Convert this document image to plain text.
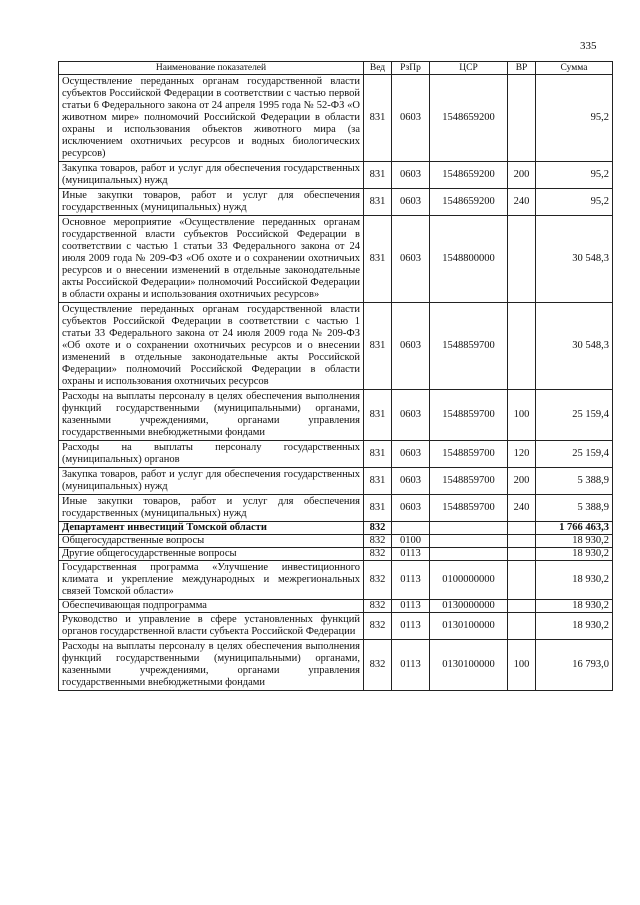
335
Наименование показателей	Вед	РзПр	ЦСР	ВР	Сумма
Осуществление переданных органам государственной власти субъектов Российской Федерации в соответствии с частью первой статьи 6 Федерального закона от 24 апреля 1995 года № 52-ФЗ «О животном мире» полномочий Российской Федерации в области охраны и использования объектов животного мира (за исключением охотничьих ресурсов и водных биологических ресурсов)	831	0603	1548659200		95,2
Закупка товаров, работ и услуг для обеспечения государственных (муниципальных) нужд	831	0603	1548659200	200	95,2
Иные закупки товаров, работ и услуг для обеспечения государственных (муниципальных) нужд	831	0603	1548659200	240	95,2
Основное мероприятие «Осуществление переданных органам государственной власти субъектов Российской Федерации в соответствии с частью 1 статьи 33 Федерального закона от 24 июля 2009 года № 209-ФЗ «Об охоте и о сохранении охотничьих ресурсов и о внесении изменений в отдельные законодательные акты Российской Федерации» полномочий Российской Федерации в области охраны и использования охотничьих ресурсов»	831	0603	1548800000		30 548,3
Осуществление переданных органам государственной власти субъектов Российской Федерации в соответствии с частью 1 статьи 33 Федерального закона от 24 июля 2009 года № 209-ФЗ «Об охоте и о сохранении охотничьих ресурсов и о внесении изменений в отдельные законодательные акты Российской Федерации» полномочий Российской Федерации в области охраны и использования охотничьих ресурсов	831	0603	1548859700		30 548,3
Расходы на выплаты персоналу в целях обеспечения выполнения функций государственными (муниципальными) органами, казенными учреждениями, органами управления государственными внебюджетными фондами	831	0603	1548859700	100	25 159,4
Расходы на выплаты персоналу государственных (муниципальных) органов	831	0603	1548859700	120	25 159,4
Закупка товаров, работ и услуг для обеспечения государственных (муниципальных) нужд	831	0603	1548859700	200	5 388,9
Иные закупки товаров, работ и услуг для обеспечения государственных (муниципальных) нужд	831	0603	1548859700	240	5 388,9
Департамент инвестиций Томской области	832				1 766 463,3
Общегосударственные вопросы	832	0100			18 930,2
Другие общегосударственные вопросы	832	0113			18 930,2
Государственная программа «Улучшение инвестиционного климата и укрепление международных и межрегиональных связей Томской области»	832	0113	0100000000		18 930,2
Обеспечивающая подпрограмма	832	0113	0130000000		18 930,2
Руководство и управление в сфере установленных функций органов государственной власти субъекта Российской Федерации	832	0113	0130100000		18 930,2
Расходы на выплаты персоналу в целях обеспечения выполнения функций государственными (муниципальными) органами, казенными учреждениями, органами управления государственными внебюджетными фондами	832	0113	0130100000	100	16 793,0
